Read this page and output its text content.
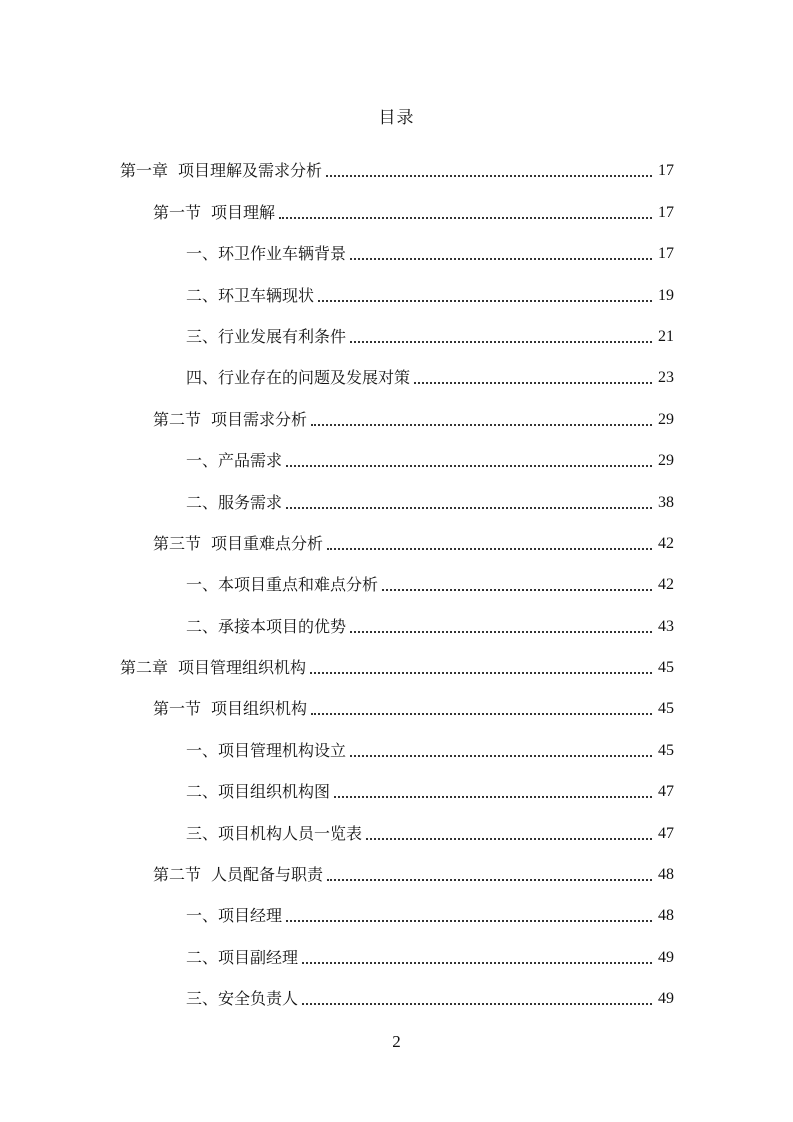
目录
第一章 项目理解及需求分析	17
第一节 项目理解	17
一、环卫作业车辆背景	17
二、环卫车辆现状	19
三、行业发展有利条件	21
四、行业存在的问题及发展对策	23
第二节 项目需求分析	29
一、产品需求	29
二、服务需求	38
第三节 项目重难点分析	42
一、本项目重点和难点分析	42
二、承接本项目的优势	43
第二章 项目管理组织机构	45
第一节 项目组织机构	45
一、项目管理机构设立	45
二、项目组织机构图	47
三、项目机构人员一览表	47
第二节 人员配备与职责	48
一、项目经理	48
二、项目副经理	49
三、安全负责人	49
2
